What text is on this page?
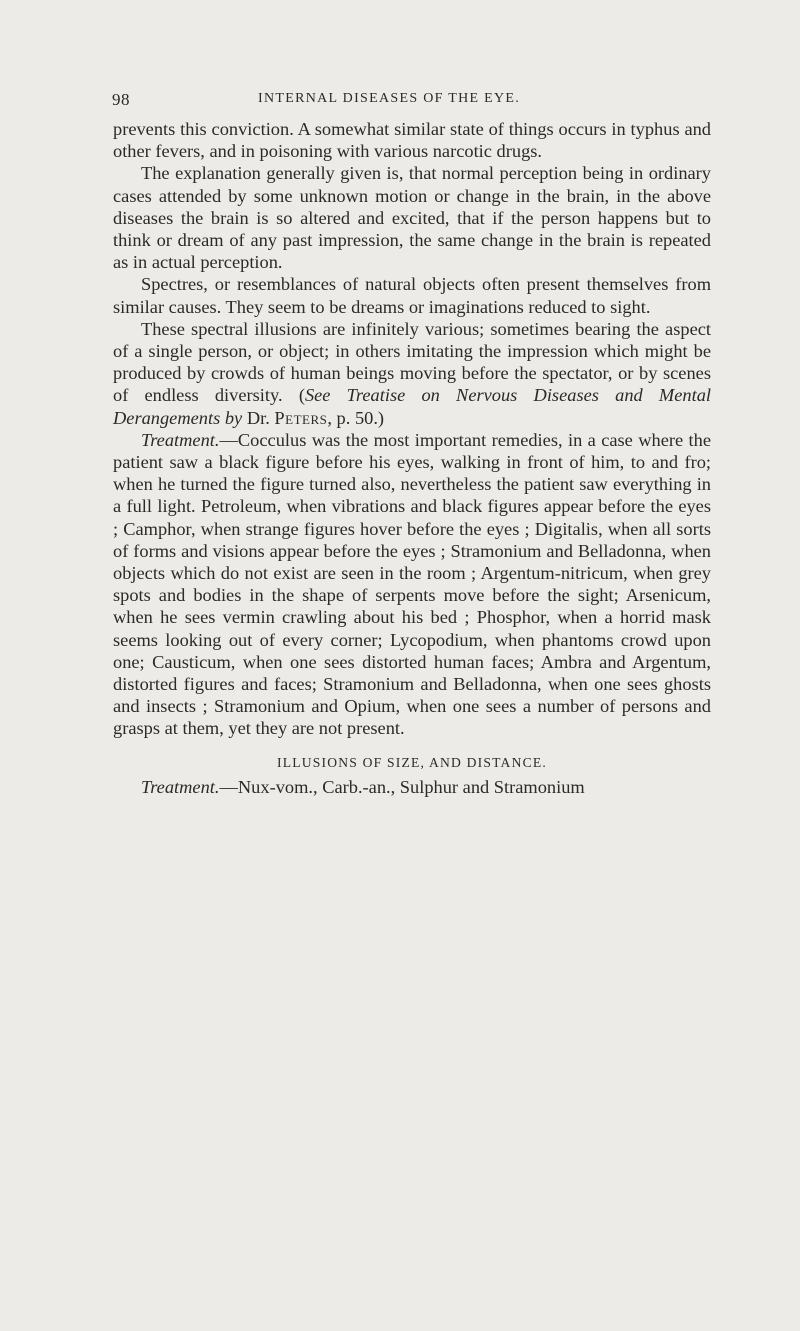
98	INTERNAL DISEASES OF THE EYE.

prevents this conviction. A somewhat similar state of things occurs in typhus and other fevers, and in poisoning with various narcotic drugs.

The explanation generally given is, that normal perception being in ordinary cases attended by some unknown motion or change in the brain, in the above diseases the brain is so altered and excited, that if the person happens but to think or dream of any past impression, the same change in the brain is repeated as in actual perception.

Spectres, or resemblances of natural objects often present themselves from similar causes. They seem to be dreams or imaginations reduced to sight.

These spectral illusions are infinitely various; sometimes bearing the aspect of a single person, or object; in others imitating the impression which might be produced by crowds of human beings moving before the spectator, or by scenes of endless diversity. (See Treatise on Nervous Diseases and Mental Derangements by Dr. Peters, p. 50.)

Treatment.—Cocculus was the most important remedies, in a case where the patient saw a black figure before his eyes, walking in front of him, to and fro; when he turned the figure turned also, nevertheless the patient saw everything in a full light. Petroleum, when vibrations and black figures appear before the eyes ; Camphor, when strange figures hover before the eyes ; Digitalis, when all sorts of forms and visions appear before the eyes ; Stramonium and Belladonna, when objects which do not exist are seen in the room ; Argentum-nitricum, when grey spots and bodies in the shape of serpents move before the sight; Arsenicum, when he sees vermin crawling about his bed ; Phosphor, when a horrid mask seems looking out of every corner; Lycopodium, when phantoms crowd upon one; Causticum, when one sees distorted human faces; Ambra and Argentum, distorted figures and faces; Stramonium and Belladonna, when one sees ghosts and insects ; Stramonium and Opium, when one sees a number of persons and grasps at them, yet they are not present.

ILLUSIONS OF SIZE, AND DISTANCE.

Treatment.—Nux-vom., Carb.-an., Sulphur and Stramonium
